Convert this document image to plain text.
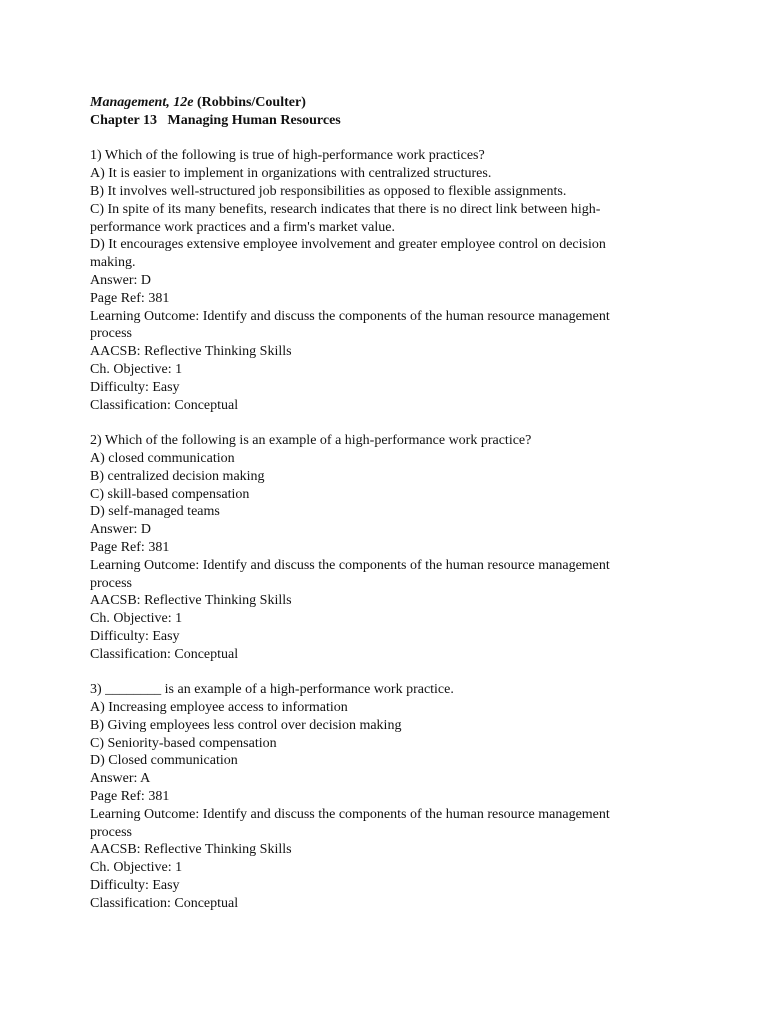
Management, 12e (Robbins/Coulter)
Chapter 13 Managing Human Resources
1) Which of the following is true of high-performance work practices?
A) It is easier to implement in organizations with centralized structures.
B) It involves well-structured job responsibilities as opposed to flexible assignments.
C) In spite of its many benefits, research indicates that there is no direct link between high-
performance work practices and a firm's market value.
D) It encourages extensive employee involvement and greater employee control on decision
making.
Answer: D
Page Ref: 381
Learning Outcome: Identify and discuss the components of the human resource management
process
AACSB: Reflective Thinking Skills
Ch. Objective: 1
Difficulty: Easy
Classification: Conceptual
2) Which of the following is an example of a high-performance work practice?
A) closed communication
B) centralized decision making
C) skill-based compensation
D) self-managed teams
Answer: D
Page Ref: 381
Learning Outcome: Identify and discuss the components of the human resource management
process
AACSB: Reflective Thinking Skills
Ch. Objective: 1
Difficulty: Easy
Classification: Conceptual
3) ________ is an example of a high-performance work practice.
A) Increasing employee access to information
B) Giving employees less control over decision making
C) Seniority-based compensation
D) Closed communication
Answer: A
Page Ref: 381
Learning Outcome: Identify and discuss the components of the human resource management
process
AACSB: Reflective Thinking Skills
Ch. Objective: 1
Difficulty: Easy
Classification: Conceptual
